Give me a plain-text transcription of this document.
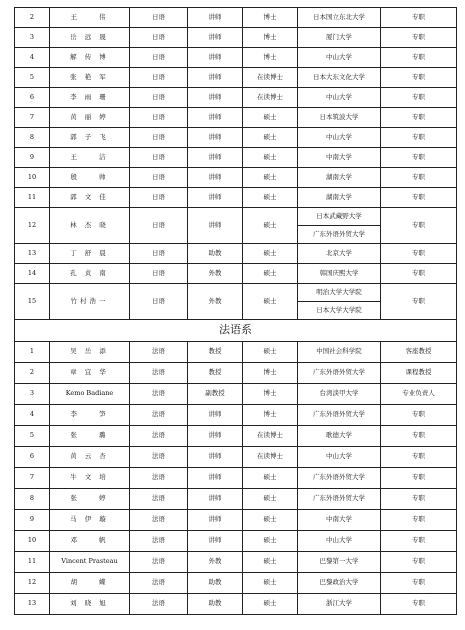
2	王　　伟	日语	讲师	博士	日本国立东北大学	专职
3	岳 远 晟	日语	讲师	博士	厦门大学	专职
4	解 传 博	日语	讲师	博士	中山大学	专职
5	张 艳 军	日语	讲师	在读博士	日本大东文化大学	专职
6	李 雨 珊	日语	讲师	在读博士	中山大学	专职
7	黄 丽 婷	日语	讲师	硕士	日本筑波大学	专职
8	郭 子 飞	日语	讲师	硕士	中山大学	专职
9	王　　洁	日语	讲师	硕士	中南大学	专职
10	殷　　帅	日语	讲师	硕士	湖南大学	专职
11	郭 文 佳	日语	讲师	硕士	湖南大学	专职
12	林 杰 晓	日语	讲师	硕士	日本武藏野大学	专职
					广东外语外贸大学	
13	丁 舒 晨	日语	助教	硕士	北京大学	专职
14	孔 贞 南	日语	外教	硕士	韩国庆熙大学	专职
15	竹村浩一	日语	外教	硕士	明治大学大学院	专职
					日本大学大学院	
法语系						
1	吴 岳 添	法语	教授	硕士	中国社会科学院	客座教授
2	章 宜 华	法语	教授	博士	广东外语外贸大学	课程教授
3	Kemo Badiane	法语	副教授	博士	台湾淡甲大学	专业负责人
4	李　　笋	法语	讲师	博士	广东外语外贸大学	专职
5	张　　璐	法语	讲师	在读博士	歌德大学	专职
6	黄 云 杏	法语	讲师	在读博士	中山大学	专职
7	牛 文 培	法语	讲师	硕士	广东外语外贸大学	专职
8	张　　婷	法语	讲师	硕士	广东外语外贸大学	专职
9	马 伊 璇	法语	讲师	硕士	中南大学	专职
10	邓　　帆	法语	讲师	硕士	中山大学	专职
11	Vincent Prasteau	法语	外教	硕士	巴黎第一大学	专职
12	胡　　蝶	法语	助教	硕士	巴黎政治大学	专职
13	刘 晓 旭	法语	助教	硕士	浙江大学	专职
